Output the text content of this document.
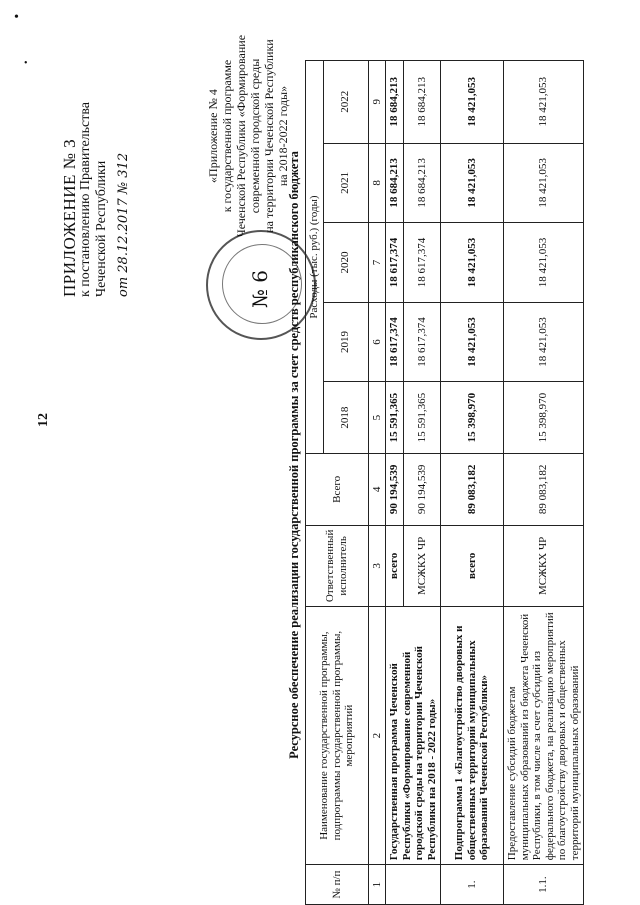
12
№ 6
ПРИЛОЖЕНИЕ № 3 к постановлению Правительства Чеченской Республики от 28.12.2017 № 312
«Приложение № 4 к государственной программе Чеченской Республики «Формирование современной городской среды на территории Чеченской Республики на 2018-2022 годы»
Ресурсное обеспечение реализации государственной программы за счет средств республиканского бюджета
№ п/п	Наименование государственной программы, подпрограммы государственной программы, мероприятий	Ответственный исполнитель	Всего	Расходы (тыс. руб.) (годы)				
				2018	2019	2020	2021	2022
1	2	3	4	5	6	7	8	9
	Государственная программа Чеченской Республики «Формирование современной городской среды на территории Чеченской Республики на 2018 - 2022 годы»	всего	90 194,539	15 591,365	18 617,374	18 617,374	18 684,213	18 684,213
		МСЖКХ ЧР	90 194,539	15 591,365	18 617,374	18 617,374	18 684,213	18 684,213
1.	Подпрограмма 1 «Благоустройство дворовых и общественных территорий муниципальных образований Чеченской Республики»	всего	89 083,182	15 398,970	18 421,053	18 421,053	18 421,053	18 421,053
1.1.	Предоставление субсидий бюджетам муниципальных образований из бюджета Чеченской Республики, в том числе за счет субсидий из федерального бюджета, на реализацию мероприятий по благоустройству дворовых и общественных территорий муниципальных образований	МСЖКХ ЧР	89 083,182	15 398,970	18 421,053	18 421,053	18 421,053	18 421,053
•
•
